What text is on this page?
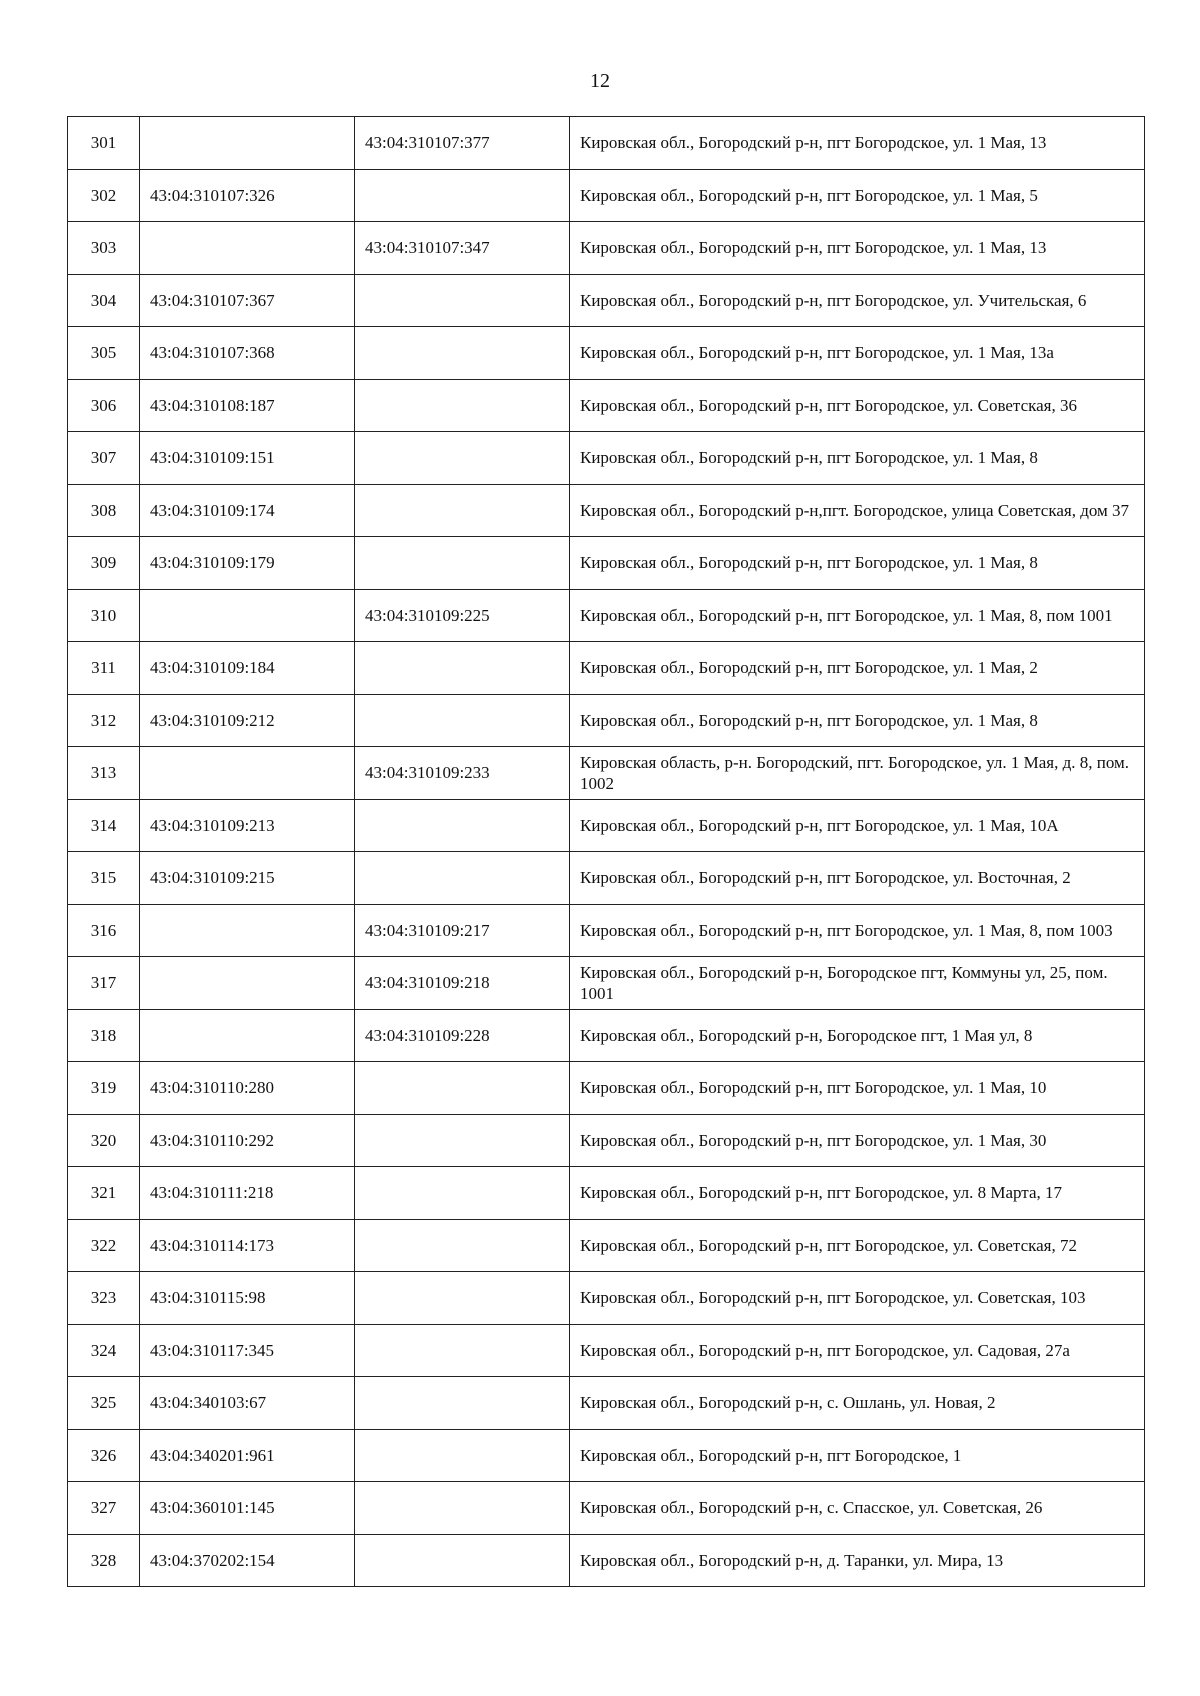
12
301		43:04:310107:377	Кировская обл., Богородский р-н, пгт Богородское, ул. 1 Мая, 13
302	43:04:310107:326		Кировская обл., Богородский р-н, пгт Богородское, ул. 1 Мая, 5
303		43:04:310107:347	Кировская обл., Богородский р-н, пгт Богородское, ул. 1 Мая, 13
304	43:04:310107:367		Кировская обл., Богородский р-н, пгт Богородское, ул. Учительская, 6
305	43:04:310107:368		Кировская обл., Богородский р-н, пгт Богородское, ул. 1 Мая, 13а
306	43:04:310108:187		Кировская обл., Богородский р-н, пгт Богородское, ул. Советская, 36
307	43:04:310109:151		Кировская обл., Богородский р-н, пгт Богородское, ул. 1 Мая, 8
308	43:04:310109:174		Кировская обл., Богородский р-н,пгт. Богородское, улица Советская, дом 37
309	43:04:310109:179		Кировская обл., Богородский р-н, пгт Богородское, ул. 1 Мая, 8
310		43:04:310109:225	Кировская обл., Богородский р-н, пгт Богородское, ул. 1 Мая, 8, пом 1001
311	43:04:310109:184		Кировская обл., Богородский р-н, пгт Богородское, ул. 1 Мая, 2
312	43:04:310109:212		Кировская обл., Богородский р-н, пгт Богородское, ул. 1 Мая, 8
313		43:04:310109:233	Кировская область, р-н. Богородский, пгт. Богородское, ул. 1 Мая, д. 8, пом. 1002
314	43:04:310109:213		Кировская обл., Богородский р-н, пгт Богородское, ул. 1 Мая, 10А
315	43:04:310109:215		Кировская обл., Богородский р-н, пгт Богородское, ул. Восточная, 2
316		43:04:310109:217	Кировская обл., Богородский р-н, пгт Богородское, ул. 1 Мая, 8, пом 1003
317		43:04:310109:218	Кировская обл., Богородский р-н, Богородское пгт, Коммуны ул, 25, пом. 1001
318		43:04:310109:228	Кировская обл., Богородский р-н, Богородское пгт, 1 Мая ул, 8
319	43:04:310110:280		Кировская обл., Богородский р-н, пгт Богородское, ул. 1 Мая, 10
320	43:04:310110:292		Кировская обл., Богородский р-н, пгт Богородское, ул. 1 Мая, 30
321	43:04:310111:218		Кировская обл., Богородский р-н, пгт Богородское, ул. 8 Марта, 17
322	43:04:310114:173		Кировская обл., Богородский р-н, пгт Богородское, ул. Советская, 72
323	43:04:310115:98		Кировская обл., Богородский р-н, пгт Богородское, ул. Советская, 103
324	43:04:310117:345		Кировская обл., Богородский р-н, пгт Богородское, ул. Садовая, 27а
325	43:04:340103:67		Кировская обл., Богородский р-н, с. Ошлань, ул. Новая, 2
326	43:04:340201:961		Кировская обл., Богородский р-н, пгт Богородское, 1
327	43:04:360101:145		Кировская обл., Богородский р-н, с. Спасское, ул. Советская, 26
328	43:04:370202:154		Кировская обл., Богородский р-н, д. Таранки, ул. Мира, 13
